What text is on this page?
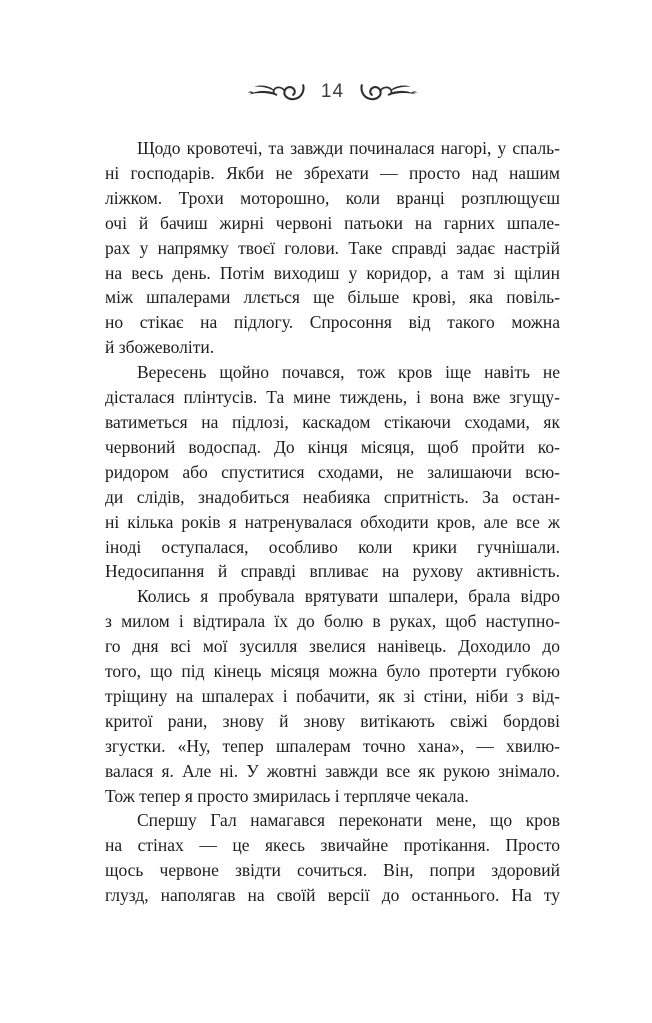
14

Щодо кровотечі, та завжди починалася нагорі, у спаль-
ні господарів. Якби не збрехати — просто над нашим
ліжком. Трохи моторошно, коли вранці розплющуєш
очі й бачиш жирні червоні патьоки на гарних шпале-
рах у напрямку твоєї голови. Таке справді задає настрій
на весь день. Потім виходиш у коридор, а там зі щілин
між шпалерами ллється ще більше крові, яка повіль-
но стікає на підлогу. Спросоння від такого можна
й збожеволіти.

Вересень щойно почався, тож кров іще навіть не
дісталася плінтусів. Та мине тиждень, і вона вже згущу-
ватиметься на підлозі, каскадом стікаючи сходами, як
червоний водоспад. До кінця місяця, щоб пройти ко-
ридором або спуститися сходами, не залишаючи всю-
ди слідів, знадобиться неабияка спритність. За остан-
ні кілька років я натренувалася обходити кров, але все ж
іноді оступалася, особливо коли крики гучнішали.
Недосипання й справді впливає на рухову активність.

Колись я пробувала врятувати шпалери, брала відро
з милом і відтирала їх до болю в руках, щоб наступно-
го дня всі мої зусилля звелися нанівець. Доходило до
того, що під кінець місяця можна було протерти губкою
тріщину на шпалерах і побачити, як зі стіни, ніби з від-
критої рани, знову й знову витікають свіжі бордові
згустки. «Ну, тепер шпалерам точно хана», — хвилю-
валася я. Але ні. У жовтні завжди все як рукою знімало.
Тож тепер я просто змирилась і терпляче чекала.

Спершу Гал намагався переконати мене, що кров
на стінах — це якесь звичайне протікання. Просто
щось червоне звідти сочиться. Він, попри здоровий
глузд, наполягав на своїй версії до останнього. На ту
